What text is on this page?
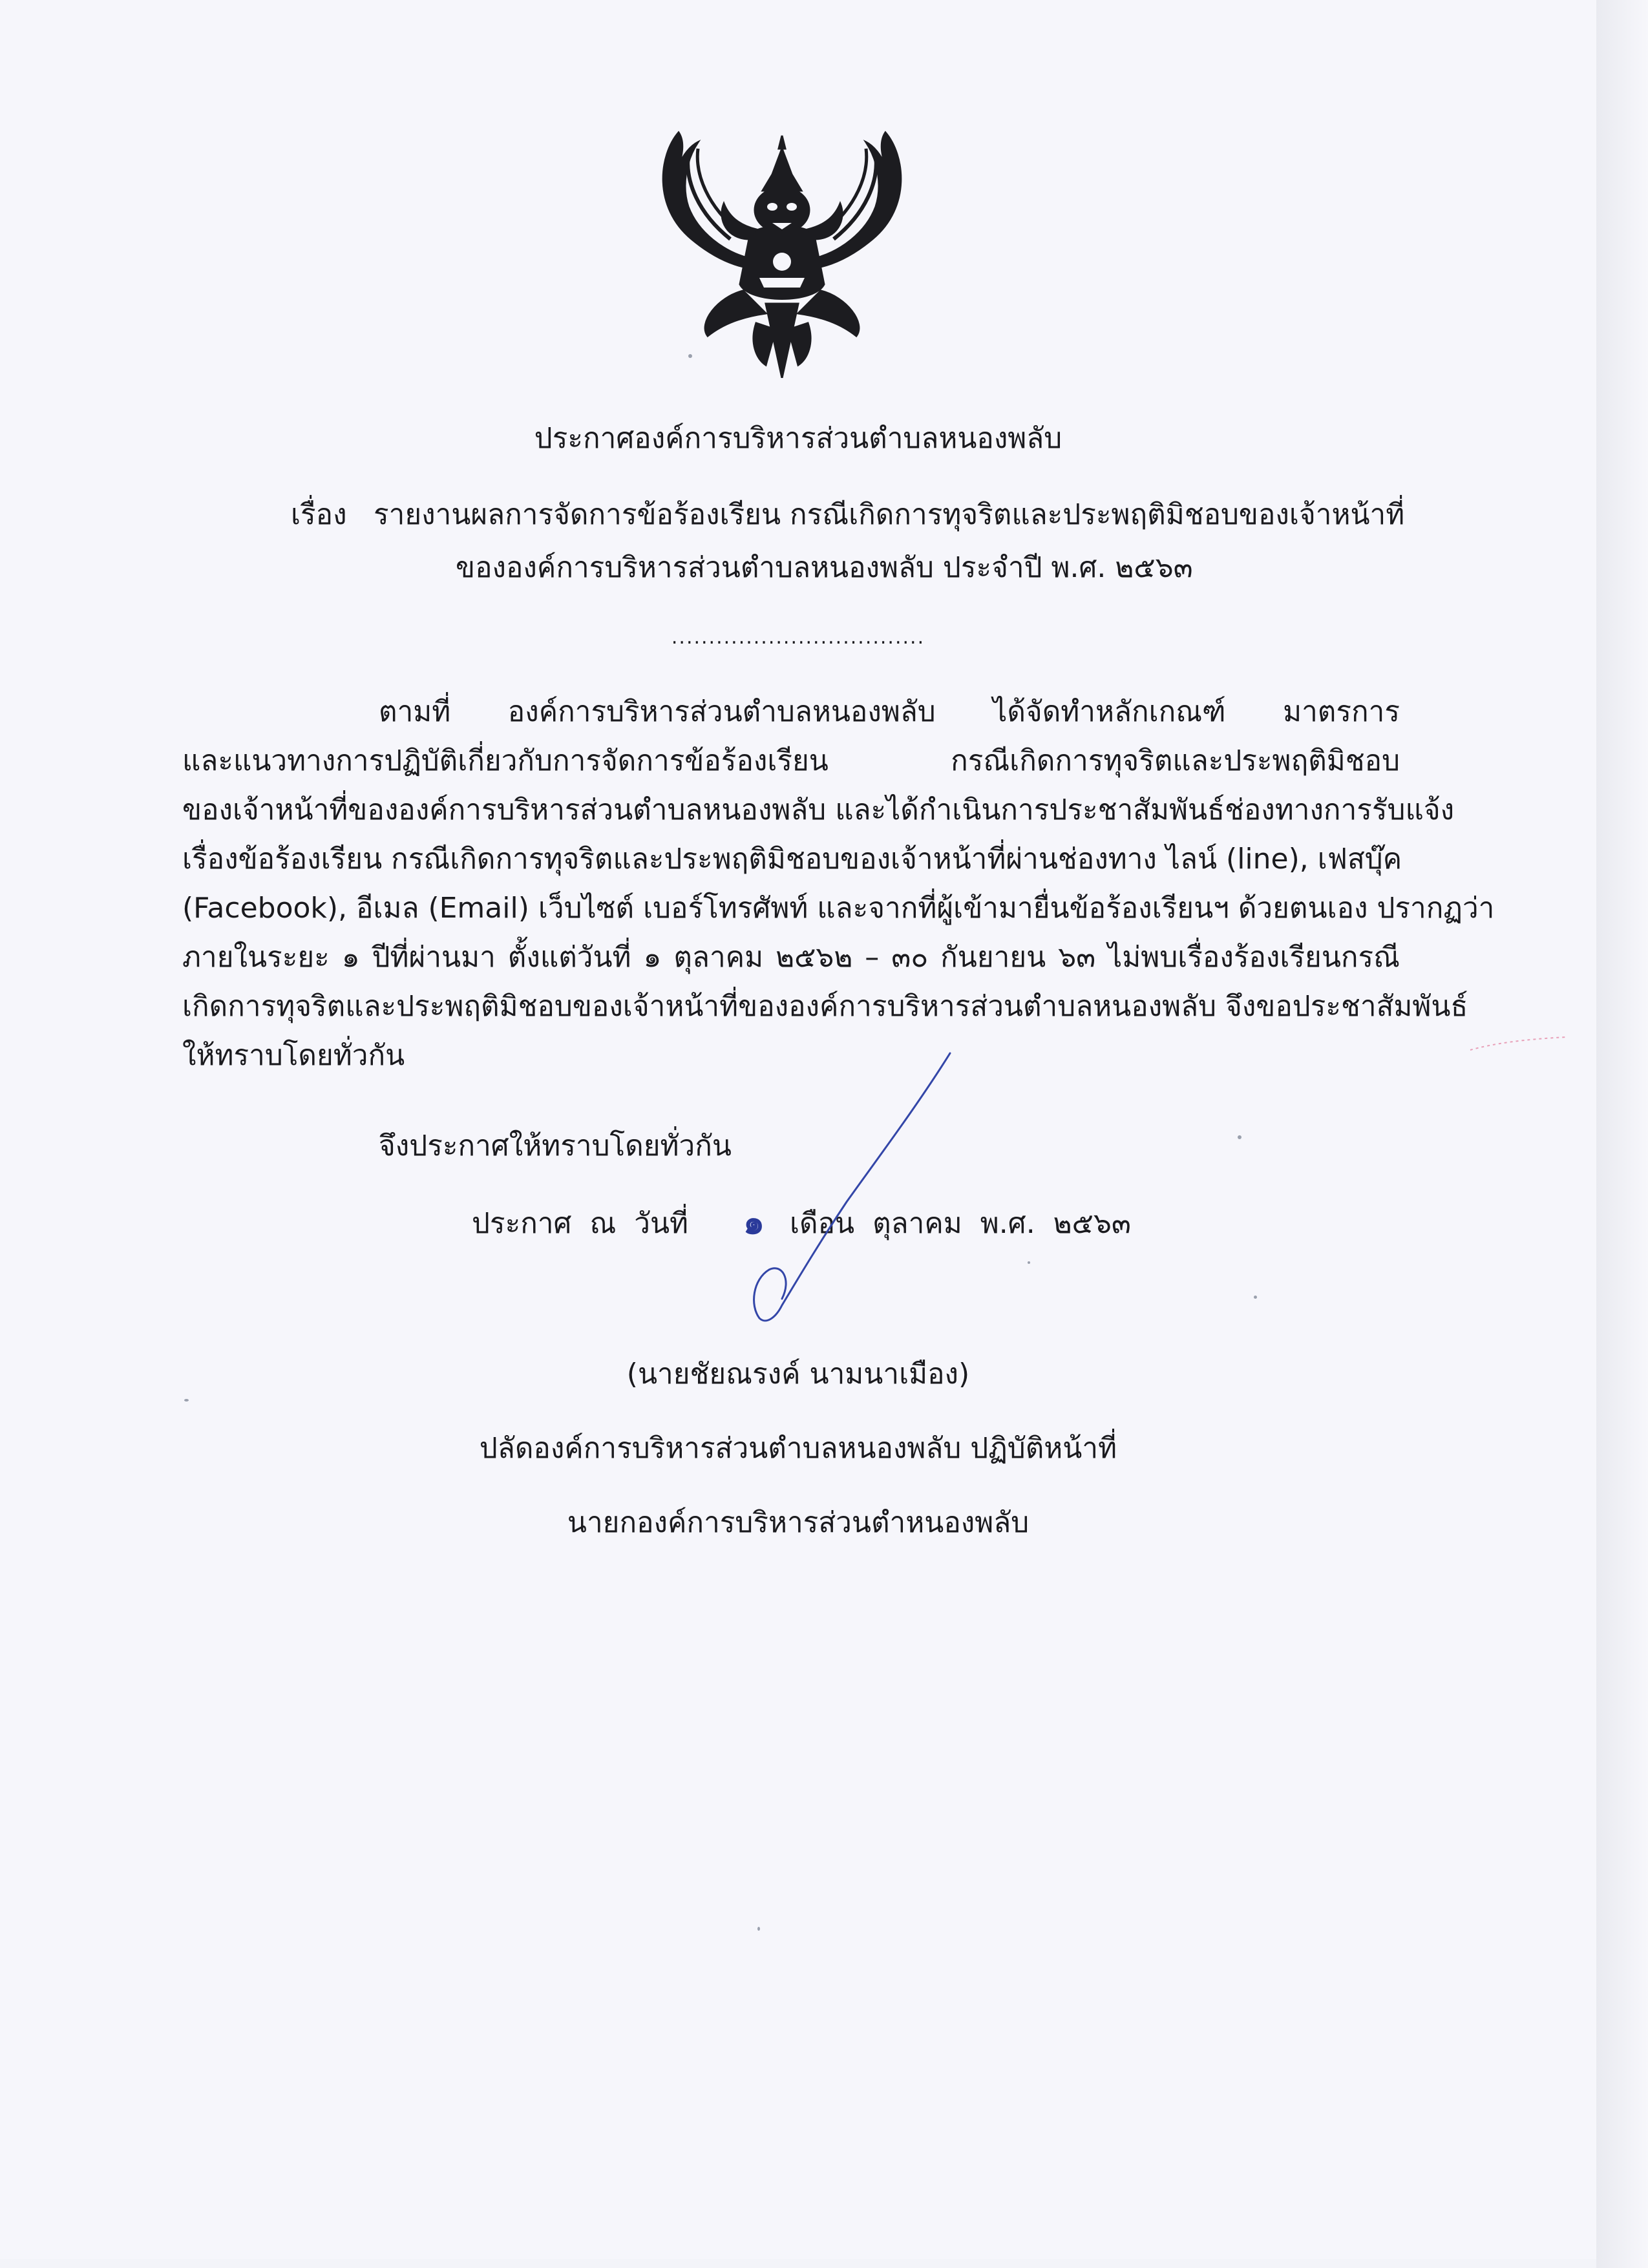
ประกาศองค์การบริหารส่วนตำบลหนองพลับ
เรื่อง รายงานผลการจัดการข้อร้องเรียน กรณีเกิดการทุจริตและประพฤติมิชอบของเจ้าหน้าที่
ขององค์การบริหารส่วนตำบลหนองพลับ ประจำปี พ.ศ. ๒๕๖๓
..................................
ตามที่ องค์การบริหารส่วนตำบลหนองพลับ ได้จัดทำหลักเกณฑ์ มาตรการ
และแนวทางการปฏิบัติเกี่ยวกับการจัดการข้อร้องเรียน กรณีเกิดการทุจริตและประพฤติมิชอบ
ของเจ้าหน้าที่ขององค์การบริหารส่วนตำบลหนองพลับ และได้กำเนินการประชาสัมพันธ์ช่องทางการรับแจ้ง
เรื่องข้อร้องเรียน กรณีเกิดการทุจริตและประพฤติมิชอบของเจ้าหน้าที่ผ่านช่องทาง ไลน์ (line), เฟสบุ๊ค
(Facebook), อีเมล (Email) เว็บไซต์ เบอร์โทรศัพท์ และจากที่ผู้เข้ามายื่นข้อร้องเรียนฯ ด้วยตนเอง ปรากฏว่า
ภายในระยะ ๑ ปีที่ผ่านมา ตั้งแต่วันที่ ๑ ตุลาคม ๒๕๖๒ – ๓๐ กันยายน ๖๓ ไม่พบเรื่องร้องเรียนกรณี
เกิดการทุจริตและประพฤติมิชอบของเจ้าหน้าที่ขององค์การบริหารส่วนตำบลหนองพลับ จึงขอประชาสัมพันธ์
ให้ทราบโดยทั่วกัน
จึงประกาศให้ทราบโดยทั่วกัน
ประกาศ ณ วันที่ ๑ เดือน ตุลาคม พ.ศ. ๒๕๖๓
(นายชัยณรงค์ นามนาเมือง)
ปลัดองค์การบริหารส่วนตำบลหนองพลับ ปฏิบัติหน้าที่
นายกองค์การบริหารส่วนตำหนองพลับ
